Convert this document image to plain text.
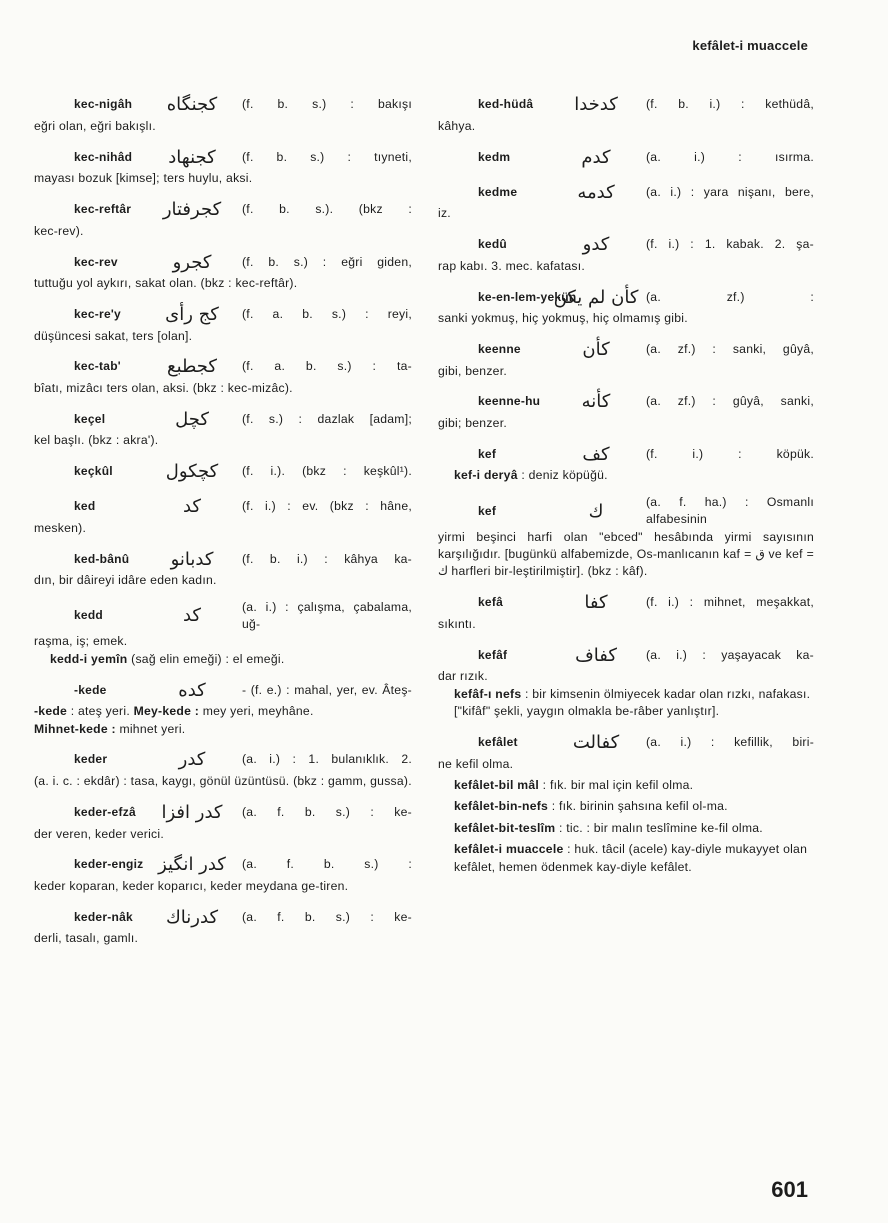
kefâlet-i muaccele
kec-nigâh	كجنگاه	(f. b. s.) : bakışı
eğri olan, eğri bakışlı.
kec-nihâd	كجنهاد	(f. b. s.) : tıyneti,
mayası bozuk [kimse]; ters huylu, aksi.
kec-reftâr	كجرفتار	(f. b. s.). (bkz :
kec-rev).
kec-rev	كجرو	(f. b. s.) : eğri giden,
tuttuğu yol aykırı, sakat olan. (bkz : kec-reftâr).
kec-re'y	كج رأى	(f. a. b. s.) : reyi,
düşüncesi sakat, ters [olan].
kec-tab'	كجطبع	(f. a. b. s.) : ta-
bîatı, mizâcı ters olan, aksi. (bkz : kec-mizâc).
keçel	كچل	(f. s.) : dazlak [adam];
kel başlı. (bkz : akra').
keçkûl	كچكول	(f. i.). (bkz : keşkûl¹).
ked	كد	(f. i.) : ev. (bkz : hâne,
mesken).
ked-bânû	كدبانو	(f. b. i.) : kâhya ka-
dın, bir dâireyi idâre eden kadın.
kedd	كد	(a. i.) : çalışma, çabalama, uğ-
raşma, iş; emek.
kedd-i yemîn (sağ elin emeği) : el emeği.
-kede	كده	- (f. e.) : mahal, yer, ev. Âteş-
-kede : ateş yeri. Mey-kede : mey yeri, meyhâne.
Mihnet-kede : mihnet yeri.
keder	كدر	(a. i.) : 1. bulanıklık. 2.
(a. i. c. : ekdâr) : tasa, kaygı, gönül üzüntüsü. (bkz : gamm, gussa).
keder-efzâ	كدر افزا	(a. f. b. s.) : ke-
der veren, keder verici.
keder-engiz كدر انگيز	(a. f. b. s.) :
keder koparan, keder koparıcı, keder meydana ge-tiren.
keder-nâk	كدرناك	(a. f. b. s.) : ke-
derli, tasalı, gamlı.
ked-hüdâ	كدخدا	(f. b. i.) : kethüdâ,
kâhya.
kedm	كدم	(a. i.) : ısırma.
kedme	كدمه	(a. i.) : yara nişanı, bere,
iz.
kedû	كدو	(f. i.) : 1. kabak. 2. şa-
rap kabı. 3. mec. kafatası.
ke-en-lem-yekün
كأن لم يكن (a. zf.) :
sanki yokmuş, hiç yokmuş, hiç olmamış gibi.
keenne	كأن	(a. zf.) : sanki, gûyâ,
gibi, benzer.
keenne-hu	كأنه	(a. zf.) : gûyâ, sanki,
gibi; benzer.
kef	كف	(f. i.) : köpük.
kef-i deryâ : deniz köpüğü.
kef	ك	(a. f. ha.) : Osmanlı alfabesinin
yirmi beşinci harfi olan "ebced" hesâbında yirmi sayısının karşılığıdır. [bugünkü alfabemizde, Os-manlıcanın kaf = ق ve kef = ك harfleri bir-leştirilmiştir]. (bkz : kâf).
kefâ	كفا	(f. i.) : mihnet, meşakkat,
sıkıntı.
kefâf	كفاف	(a. i.) : yaşayacak ka-
dar rızık.
kefâf-ı nefs : bir kimsenin ölmiyecek kadar olan rızkı, nafakası. ["kifâf" şekli, yaygın olmakla be-râber yanlıştır].
kefâlet	كفالت	(a. i.) : kefillik, biri-
ne kefil olma.
kefâlet-bil mâl : fık. bir mal için kefil olma.
kefâlet-bin-nefs : fık. birinin şahsına kefil ol-ma.
kefâlet-bit-teslîm : tic. : bir malın teslîmine ke-fil olma.
kefâlet-i muaccele : huk. tâcil (acele) kay-diyle mukayyet olan kefâlet, hemen ödenmek kay-diyle kefâlet.
601
